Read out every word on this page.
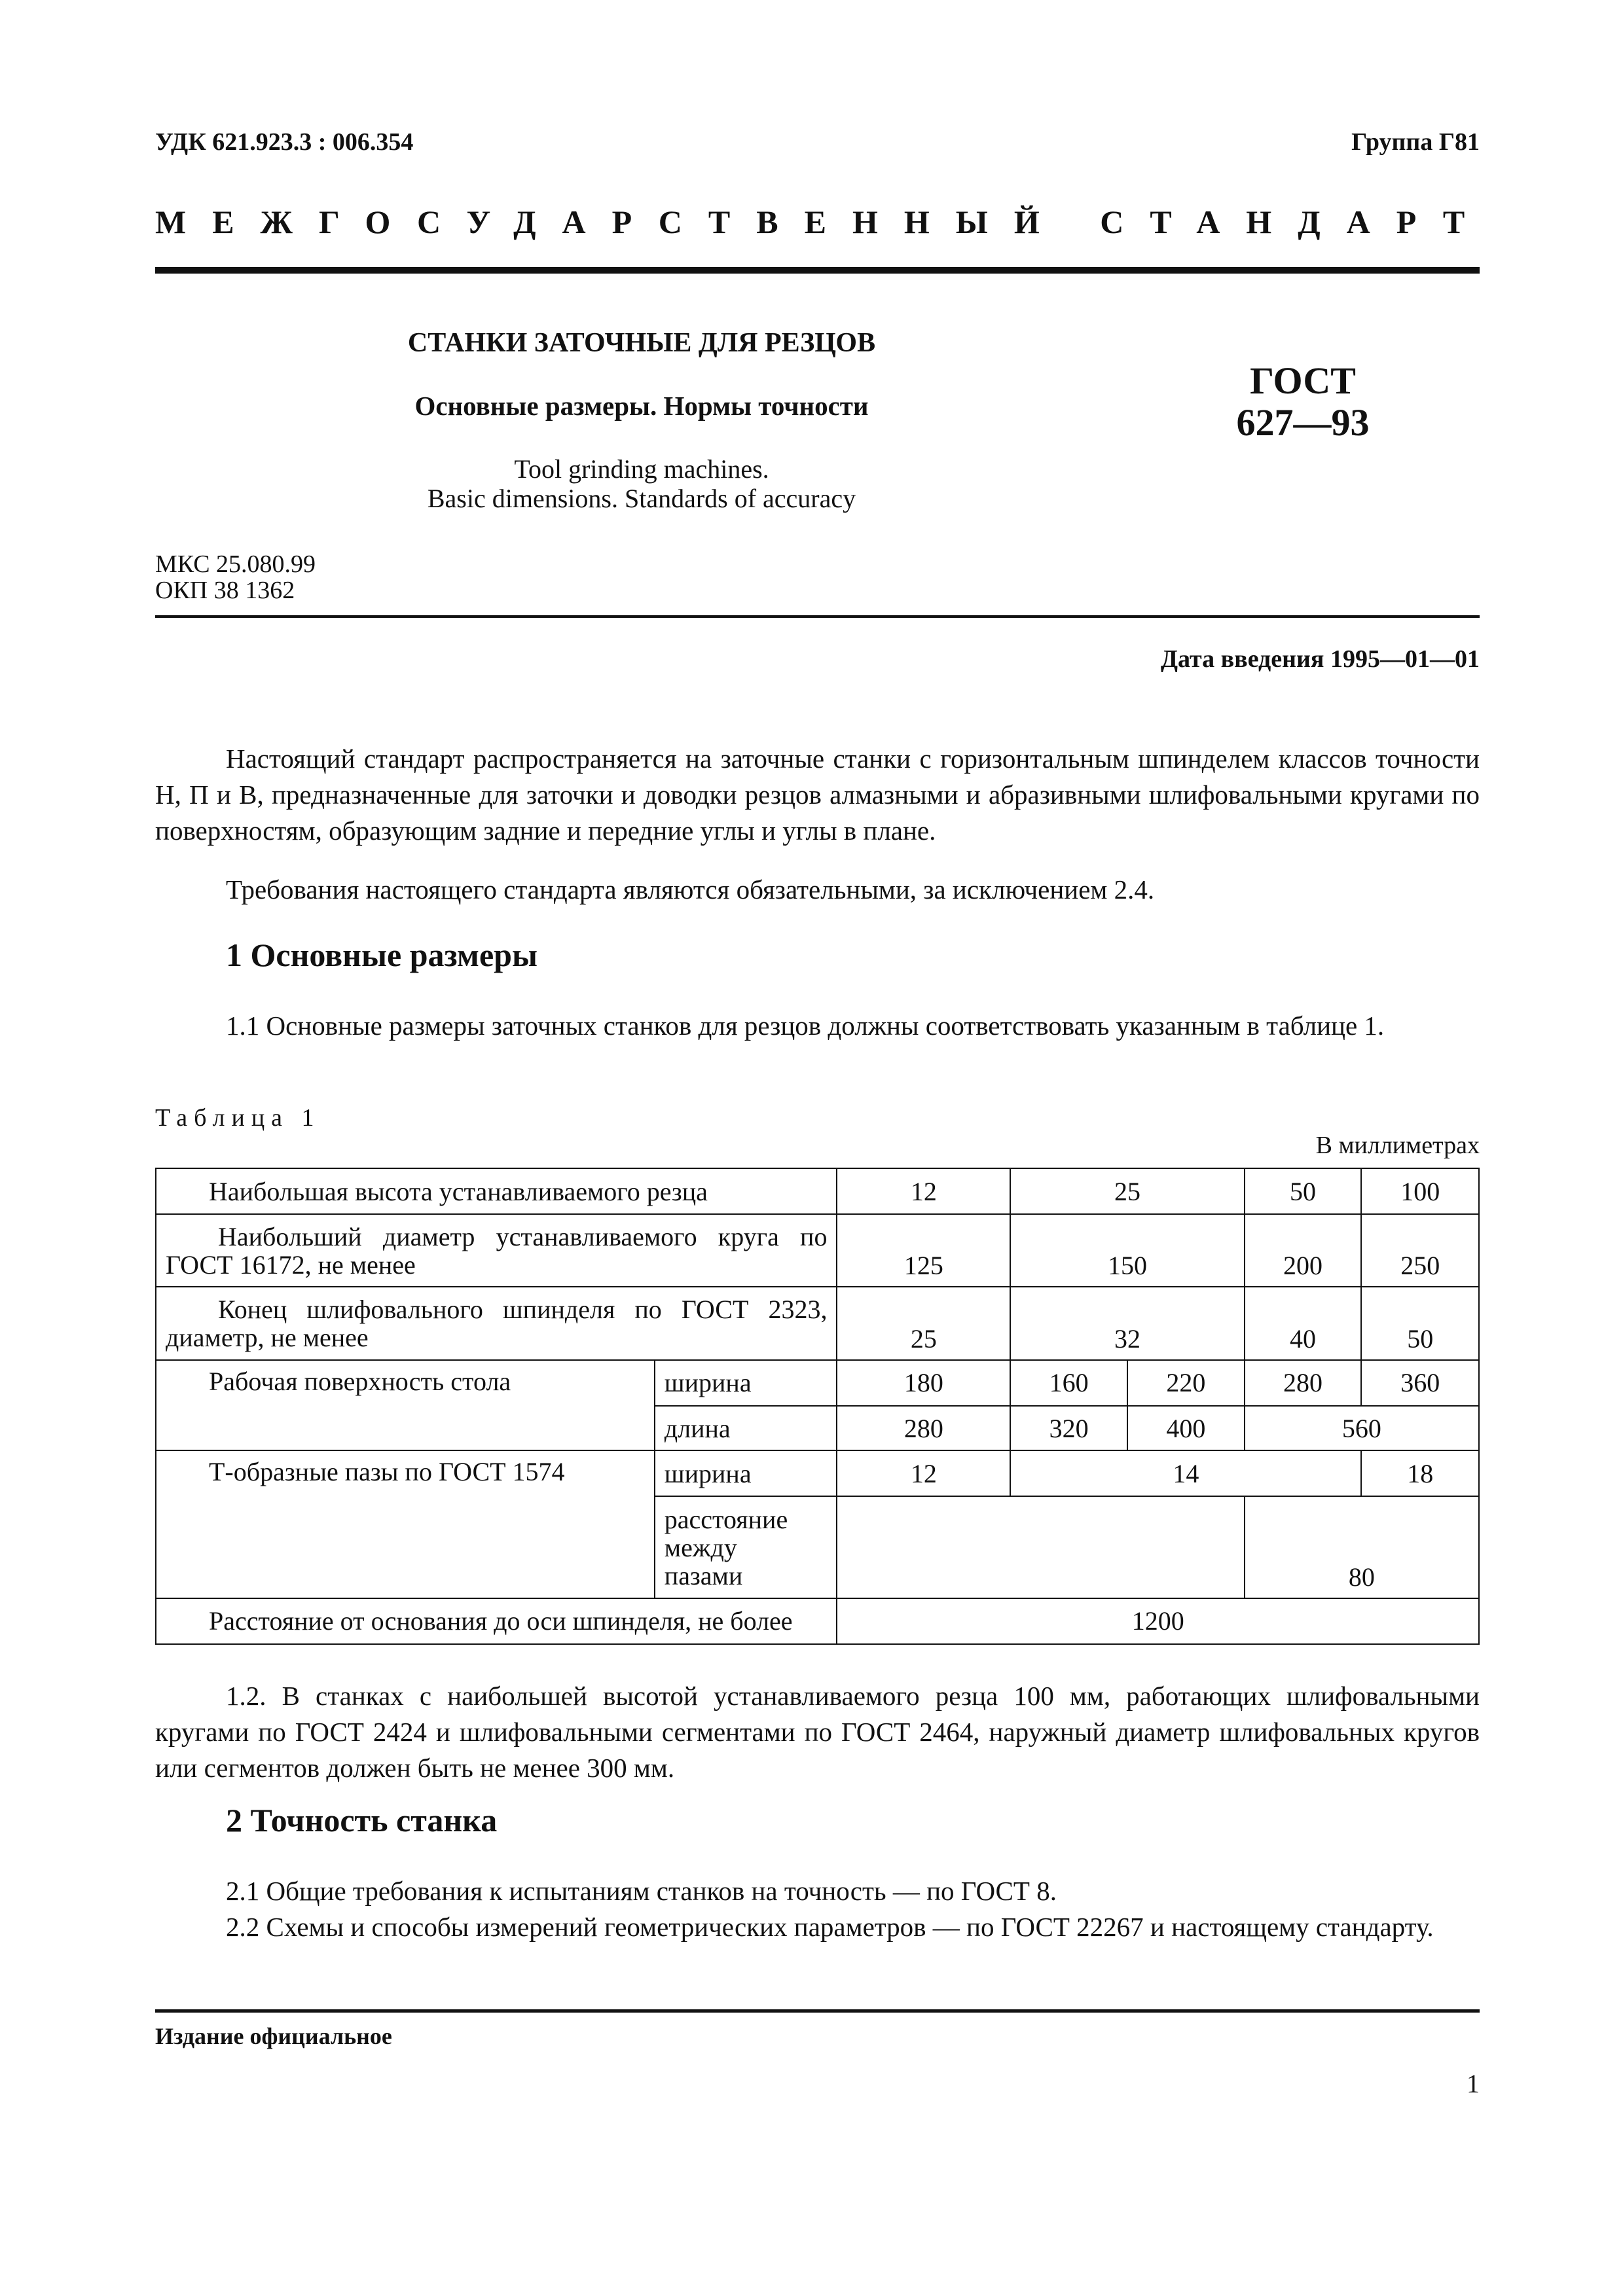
УДК 621.923.3 : 006.354	Группа Г81
МЕЖГОСУДАРСТВЕННЫЙ СТАНДАРТ
СТАНКИ ЗАТОЧНЫЕ ДЛЯ РЕЗЦОВ
Основные размеры. Нормы точности
Tool grinding machines.
Basic dimensions. Standards of accuracy
ГОСТ
627—93
МКС 25.080.99
ОКП 38 1362
Дата введения 1995—01—01

Настоящий стандарт распространяется на заточные станки с горизонтальным шпинделем классов точности Н, П и В, предназначенные для заточки и доводки резцов алмазными и абразивными шлифовальными кругами по поверхностям, образующим задние и передние углы и углы в плане.

Требования настоящего стандарта являются обязательными, за исключением 2.4.

1 Основные размеры

1.1 Основные размеры заточных станков для резцов должны соответствовать указанным в таблице 1.

Таблица 1
В миллиметрах
Наибольшая высота устанавливаемого резца		12	25		50	100
Наибольший диаметр устанавливаемого круга по ГОСТ 16172, не менее		125	150		200	250
Конец шлифовального шпинделя по ГОСТ 2323, диаметр, не менее		25	32		40	50
Рабочая поверхность стола	ширина	180	160	220	280	360
	длина	280	320	400	560	
Т-образные пазы по ГОСТ 1574	ширина	12	14			18

	расстояние между пазами				80	
Расстояние от основания до оси шпинделя, не более		1200				

1.2. В станках с наибольшей высотой устанавливаемого резца 100 мм, работающих шлифовальными кругами по ГОСТ 2424 и шлифовальными сегментами по ГОСТ 2464, наружный диаметр шлифовальных кругов или сегментов должен быть не менее 300 мм.

2 Точность станка

2.1 Общие требования к испытаниям станков на точность — по ГОСТ 8.

2.2 Схемы и способы измерений геометрических параметров — по ГОСТ 22267 и настоящему стандарту.

Издание официальное
1
